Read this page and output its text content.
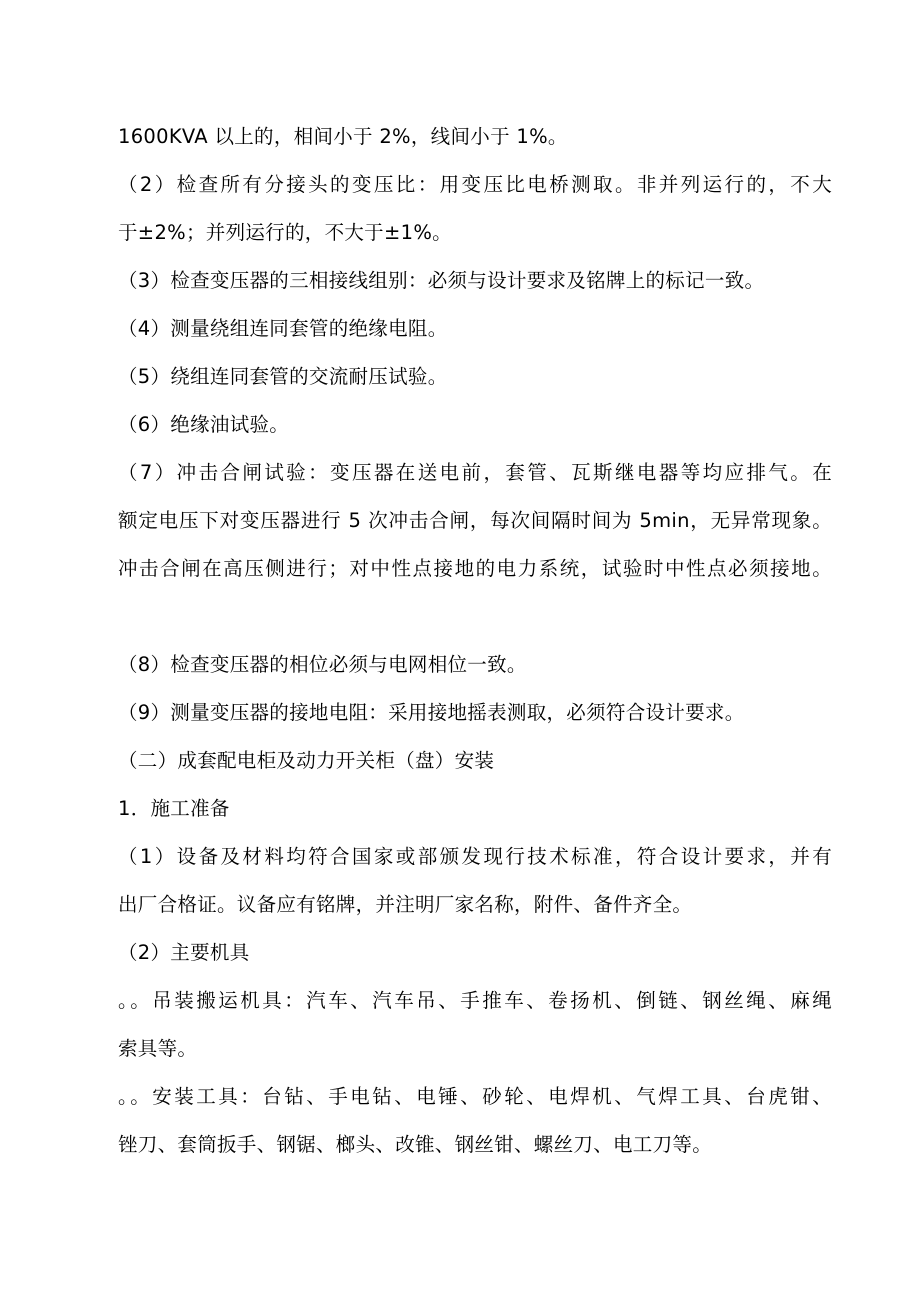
1600KVA 以上的，相间小于 2%，线间小于 1%。
（2）检查所有分接头的变压比：用变压比电桥测取。非并列运行的，不大
于±2%；并列运行的，不大于±1%。
（3）检查变压器的三相接线组别：必须与设计要求及铭牌上的标记一致。
（4）测量绕组连同套管的绝缘电阻。
（5）绕组连同套管的交流耐压试验。
（6）绝缘油试验。
（7）冲击合闸试验：变压器在送电前，套管、瓦斯继电器等均应排气。在
额定电压下对变压器进行 5 次冲击合闸，每次间隔时间为 5min，无异常现象。
冲击合闸在高压侧进行；对中性点接地的电力系统，试验时中性点必须接地。
（8）检查变压器的相位必须与电网相位一致。
（9）测量变压器的接地电阻：采用接地摇表测取，必须符合设计要求。
（二）成套配电柜及动力开关柜（盘）安装
1．施工准备
（1）设备及材料均符合国家或部颁发现行技术标准，符合设计要求，并有
出厂合格证。议备应有铭牌，并注明厂家名称，附件、备件齐全。
（2）主要机具
。。吊装搬运机具：汽车、汽车吊、手推车、卷扬机、倒链、钢丝绳、麻绳
索具等。
。。安装工具：台钻、手电钻、电锤、砂轮、电焊机、气焊工具、台虎钳、
锉刀、套筒扳手、钢锯、榔头、改锥、钢丝钳、螺丝刀、电工刀等。
